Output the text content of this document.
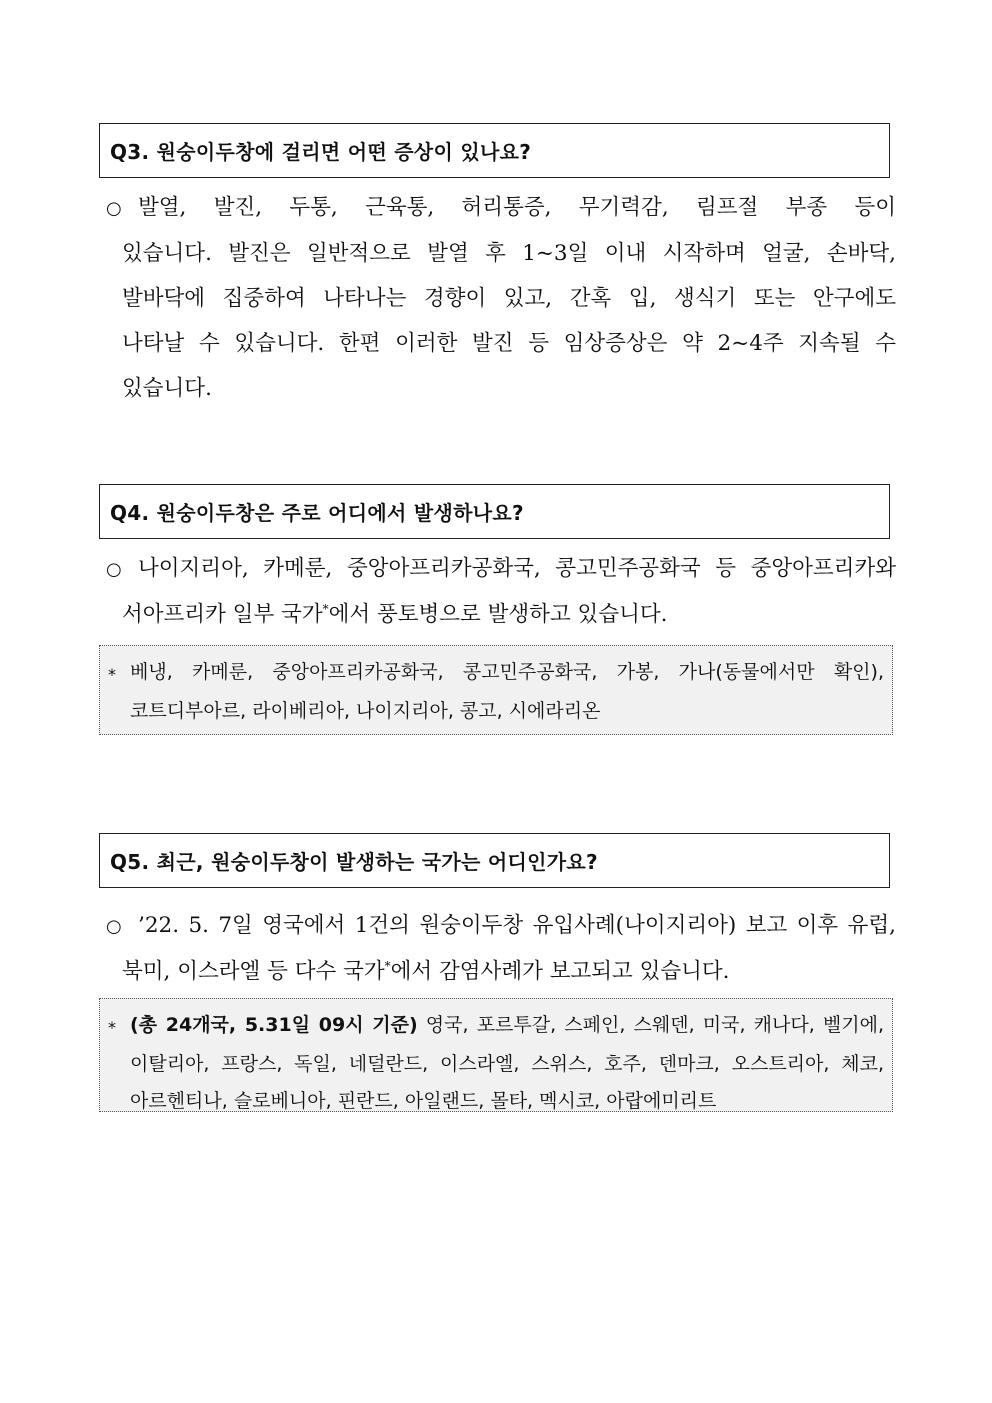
Q3. 원숭이두창에 걸리면 어떤 증상이 있나요?
○ 발열, 발진, 두통, 근육통, 허리통증, 무기력감, 림프절 부종 등이
있습니다. 발진은 일반적으로 발열 후 1~3일 이내 시작하며 얼굴, 손바닥,
발바닥에 집중하여 나타나는 경향이 있고, 간혹 입, 생식기 또는 안구에도
나타날 수 있습니다. 한편 이러한 발진 등 임상증상은 약 2~4주 지속될 수
있습니다.
Q4. 원숭이두창은 주로 어디에서 발생하나요?
○ 나이지리아, 카메룬, 중앙아프리카공화국, 콩고민주공화국 등 중앙아프리카와
서아프리카 일부 국가*에서 풍토병으로 발생하고 있습니다.
* 베냉, 카메룬, 중앙아프리카공화국, 콩고민주공화국, 가봉, 가나(동물에서만 확인),
코트디부아르, 라이베리아, 나이지리아, 콩고, 시에라리온
Q5. 최근, 원숭이두창이 발생하는 국가는 어디인가요?
○ ’22. 5. 7일 영국에서 1건의 원숭이두창 유입사례(나이지리아) 보고 이후 유럽,
북미, 이스라엘 등 다수 국가*에서 감염사례가 보고되고 있습니다.
* (총 24개국, 5.31일 09시 기준) 영국, 포르투갈, 스페인, 스웨덴, 미국, 캐나다, 벨기에,
이탈리아, 프랑스, 독일, 네덜란드, 이스라엘, 스위스, 호주, 덴마크, 오스트리아, 체코,
아르헨티나, 슬로베니아, 핀란드, 아일랜드, 몰타, 멕시코, 아랍에미리트
